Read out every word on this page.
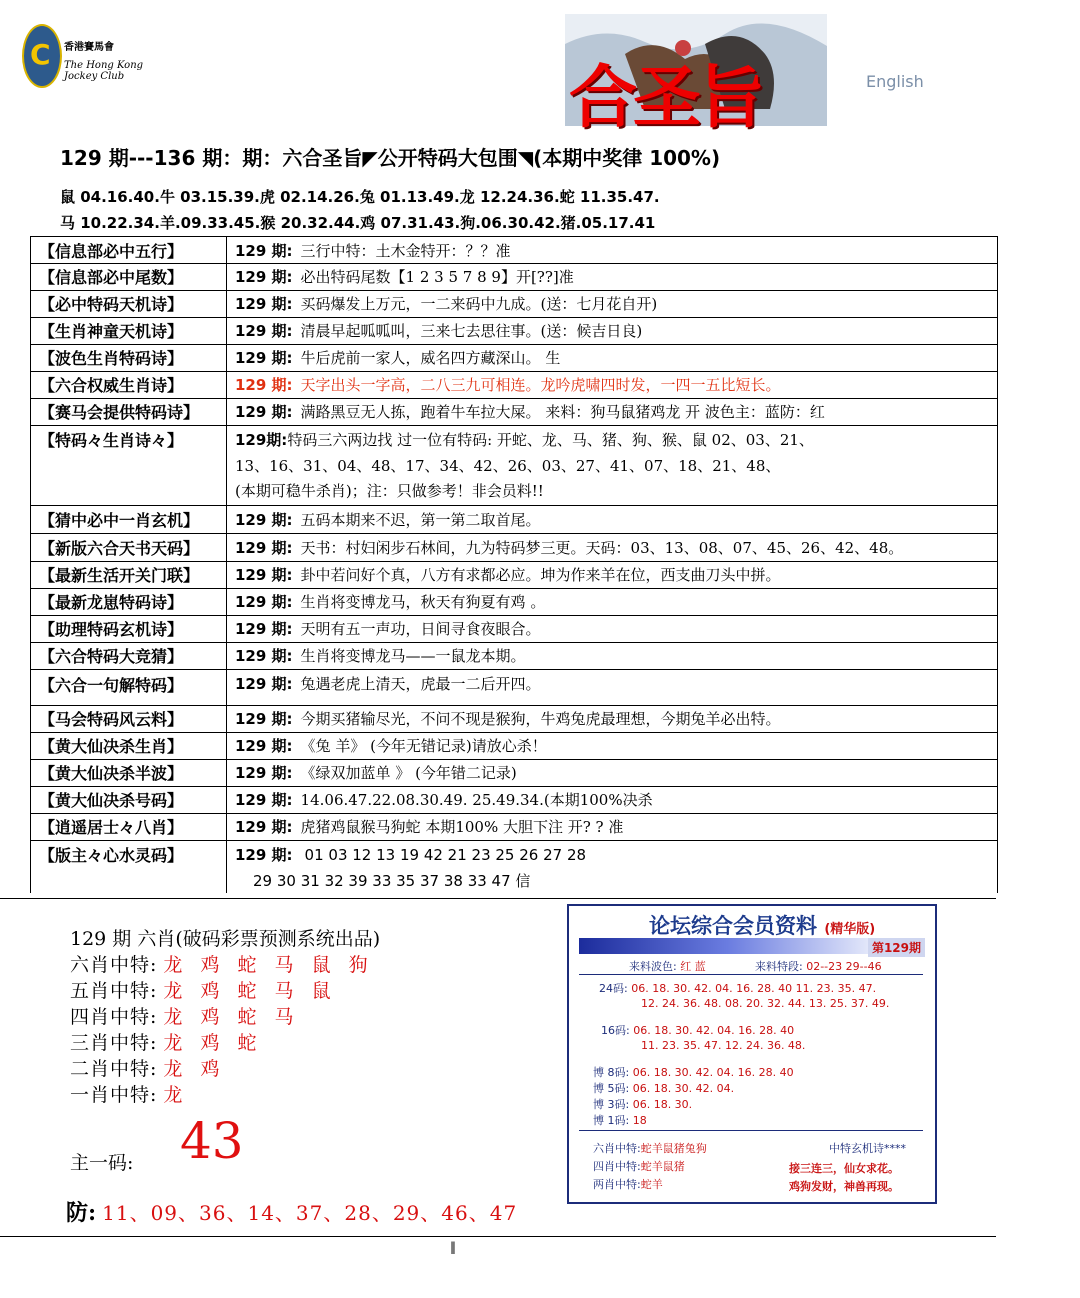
C
香港賽馬會
The Hong Kong Jockey Club	合圣旨	English
129 期---136 期：期：六合圣旨◤公开特码大包围◥(本期中奖律 100%)
鼠 04.16.40.牛 03.15.39.虎 02.14.26.兔 01.13.49.龙 12.24.36.蛇 11.35.47.
马 10.22.34.羊.09.33.45.猴 20.32.44.鸡 07.31.43.狗.06.30.42.猪.05.17.41
【信息部必中五行】	129 期: 三行中特：土木金特开：？？准
【信息部必中尾数】	129 期: 必出特码尾数【1 2 3 5 7 8 9】开[??]准
【必中特码天机诗】	129 期: 买码爆发上万元，一二来码中九成。(送：七月花自开)
【生肖神童天机诗】	129 期: 清晨早起呱呱叫，三来七去思往事。(送：候吉日良)
【波色生肖特码诗】	129 期: 牛后虎前一家人，威名四方藏深山。 生
【六合权威生肖诗】	129 期: 天字出头一字高，二八三九可相连。龙吟虎啸四时发，一四一五比短长。
【赛马会提供特码诗】	129 期: 满路黑豆无人拣，跑着牛车拉大屎。 来料：狗马鼠猪鸡龙 开 波色主：蓝防：红
【特码々生肖诗々】	129期:特码三六两边找 过一位有特码: 开蛇、龙、马、猪、狗、猴、鼠 02、03、21、
13、16、31、04、48、17、34、42、26、03、27、41、07、18、21、48、
(本期可稳牛杀肖)；注：只做参考！非会员料!!
【猜中必中一肖玄机】	129 期: 五码本期来不迟，第一第二取首尾。
【新版六合天书天码】	129 期: 天书：村妇闲步石林间，九为特码梦三更。天码：03、13、08、07、45、26、42、48。
【最新生活开关门联】	129 期: 卦中若问好个真，八方有求都必应。坤为作来羊在位，西支曲刀头中拼。
【最新龙崽特码诗】	129 期: 生肖将变博龙马，秋天有狗夏有鸡 。
【助理特码玄机诗】	129 期: 天明有五一声功，日间寻食夜眼合。
【六合特码大竞猜】	129 期: 生肖将变博龙马——一鼠龙本期。
【六合一句解特码】	129 期: 兔遇老虎上清天，虎最一二后开四。
【马会特码风云料】	129 期: 今期买猪输尽光，不问不现是猴狗，牛鸡兔虎最理想，今期兔羊必出特。
【黄大仙决杀生肖】	129 期: 《兔 羊》 (今年无错记录)请放心杀！
【黄大仙决杀半波】	129 期: 《绿双加蓝单 》 (今年错二记录)
【黄大仙决杀号码】	129 期: 14.06.47.22.08.30.49. 25.49.34.(本期100%决杀
【逍遥居士々八肖】	129 期: 虎猪鸡鼠猴马狗蛇 本期100% 大胆下注 开? ? 准
【版主々心水灵码】	129 期: 01 03 12 13 19 42 21 23 25 26 27 28
29 30 31 32 39 33 35 37 38 33 47 信
129 期 六肖(破码彩票预测系统出品)
六肖中特: 龙 鸡 蛇 马 鼠 狗
五肖中特: 龙 鸡 蛇 马 鼠
四肖中特: 龙 鸡 蛇 马
三肖中特: 龙 鸡 蛇
二肖中特: 龙 鸡
一肖中特: 龙
主一码: 43
防: 11、09、36、14、37、28、29、46、47
论坛综合会员资料 (精华版)
第129期
来料波色: 红 蓝	来料特段: 02--23 29--46
24码: 06. 18. 30. 42. 04. 16. 28. 40 11. 23. 35. 47.
12. 24. 36. 48. 08. 20. 32. 44. 13. 25. 37. 49.
16码: 06. 18. 30. 42. 04. 16. 28. 40
11. 23. 35. 47. 12. 24. 36. 48.
博 8码: 06. 18. 30. 42. 04. 16. 28. 40
博 5码: 06. 18. 30. 42. 04.
博 3码: 06. 18. 30.
博 1码: 18
六肖中特:蛇羊鼠猪兔狗
四肖中特:蛇羊鼠猪
两肖中特:蛇羊
中特玄机诗****
接三连三，仙女求花。
鸡狗发财，神兽再现。
‖
